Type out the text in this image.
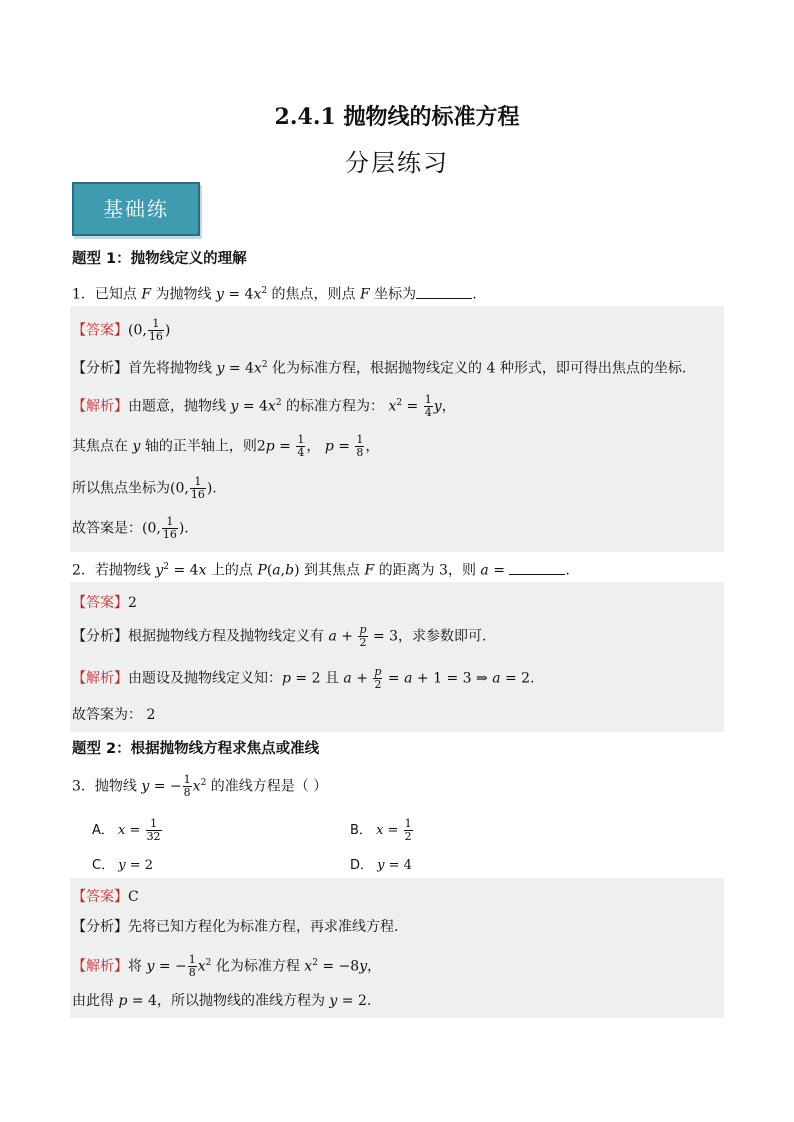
2.4.1 抛物线的标准方程
分层练习
基础练
题型 1：抛物线定义的理解
1．已知点 F 为抛物线 $y = 4x^2$ 的焦点，则点 F 坐标为	.
【答案】(0, $\frac{1}{16}$ )
【分析】首先将抛物线 $y = 4x^2$ 化为标准方程，根据抛物线定义的 4 种形式，即可得出焦点的坐标.
【解析】由题意，抛物线 $y = 4x^2$ 的标准方程为： $x^2 = \frac{1}{4}$ y，
其焦点在 y 轴的正半轴上，则$2p = \frac{1}{4}$ ， $p = \frac{1}{8}$ ，
所以焦点坐标为(0, $\frac{1}{16}$ ).
故答案是：(0, $\frac{1}{16}$ ).
2．若抛物线 $y^2 = 4x$ 上的点 P(a,b) 到其焦点 F 的距离为 3，则 a =	.
【答案】2
【分析】根据抛物线方程及抛物线定义有 $a + \frac{p}{2} = 3$，求参数即可.
【解析】由题设及抛物线定义知：p = 2 且 $a + \frac{p}{2} = a + 1 = 3$ ⇒ a = 2.
故答案为： 2
题型 2：根据抛物线方程求焦点或准线
3．抛物线 y = − $\frac{1}{8} x^2$ 的准线方程是（ ）
A． $x = \frac{1}{32}$	B． $x = \frac{1}{2}$
C． y = 2	D． y = 4
【答案】C
【分析】先将已知方程化为标准方程，再求准线方程.
【解析】将 y = − $\frac{1}{8} x^2$ 化为标准方程 $x^2 = -8y$，
由此得 p = 4，所以抛物线的准线方程为 y = 2.
